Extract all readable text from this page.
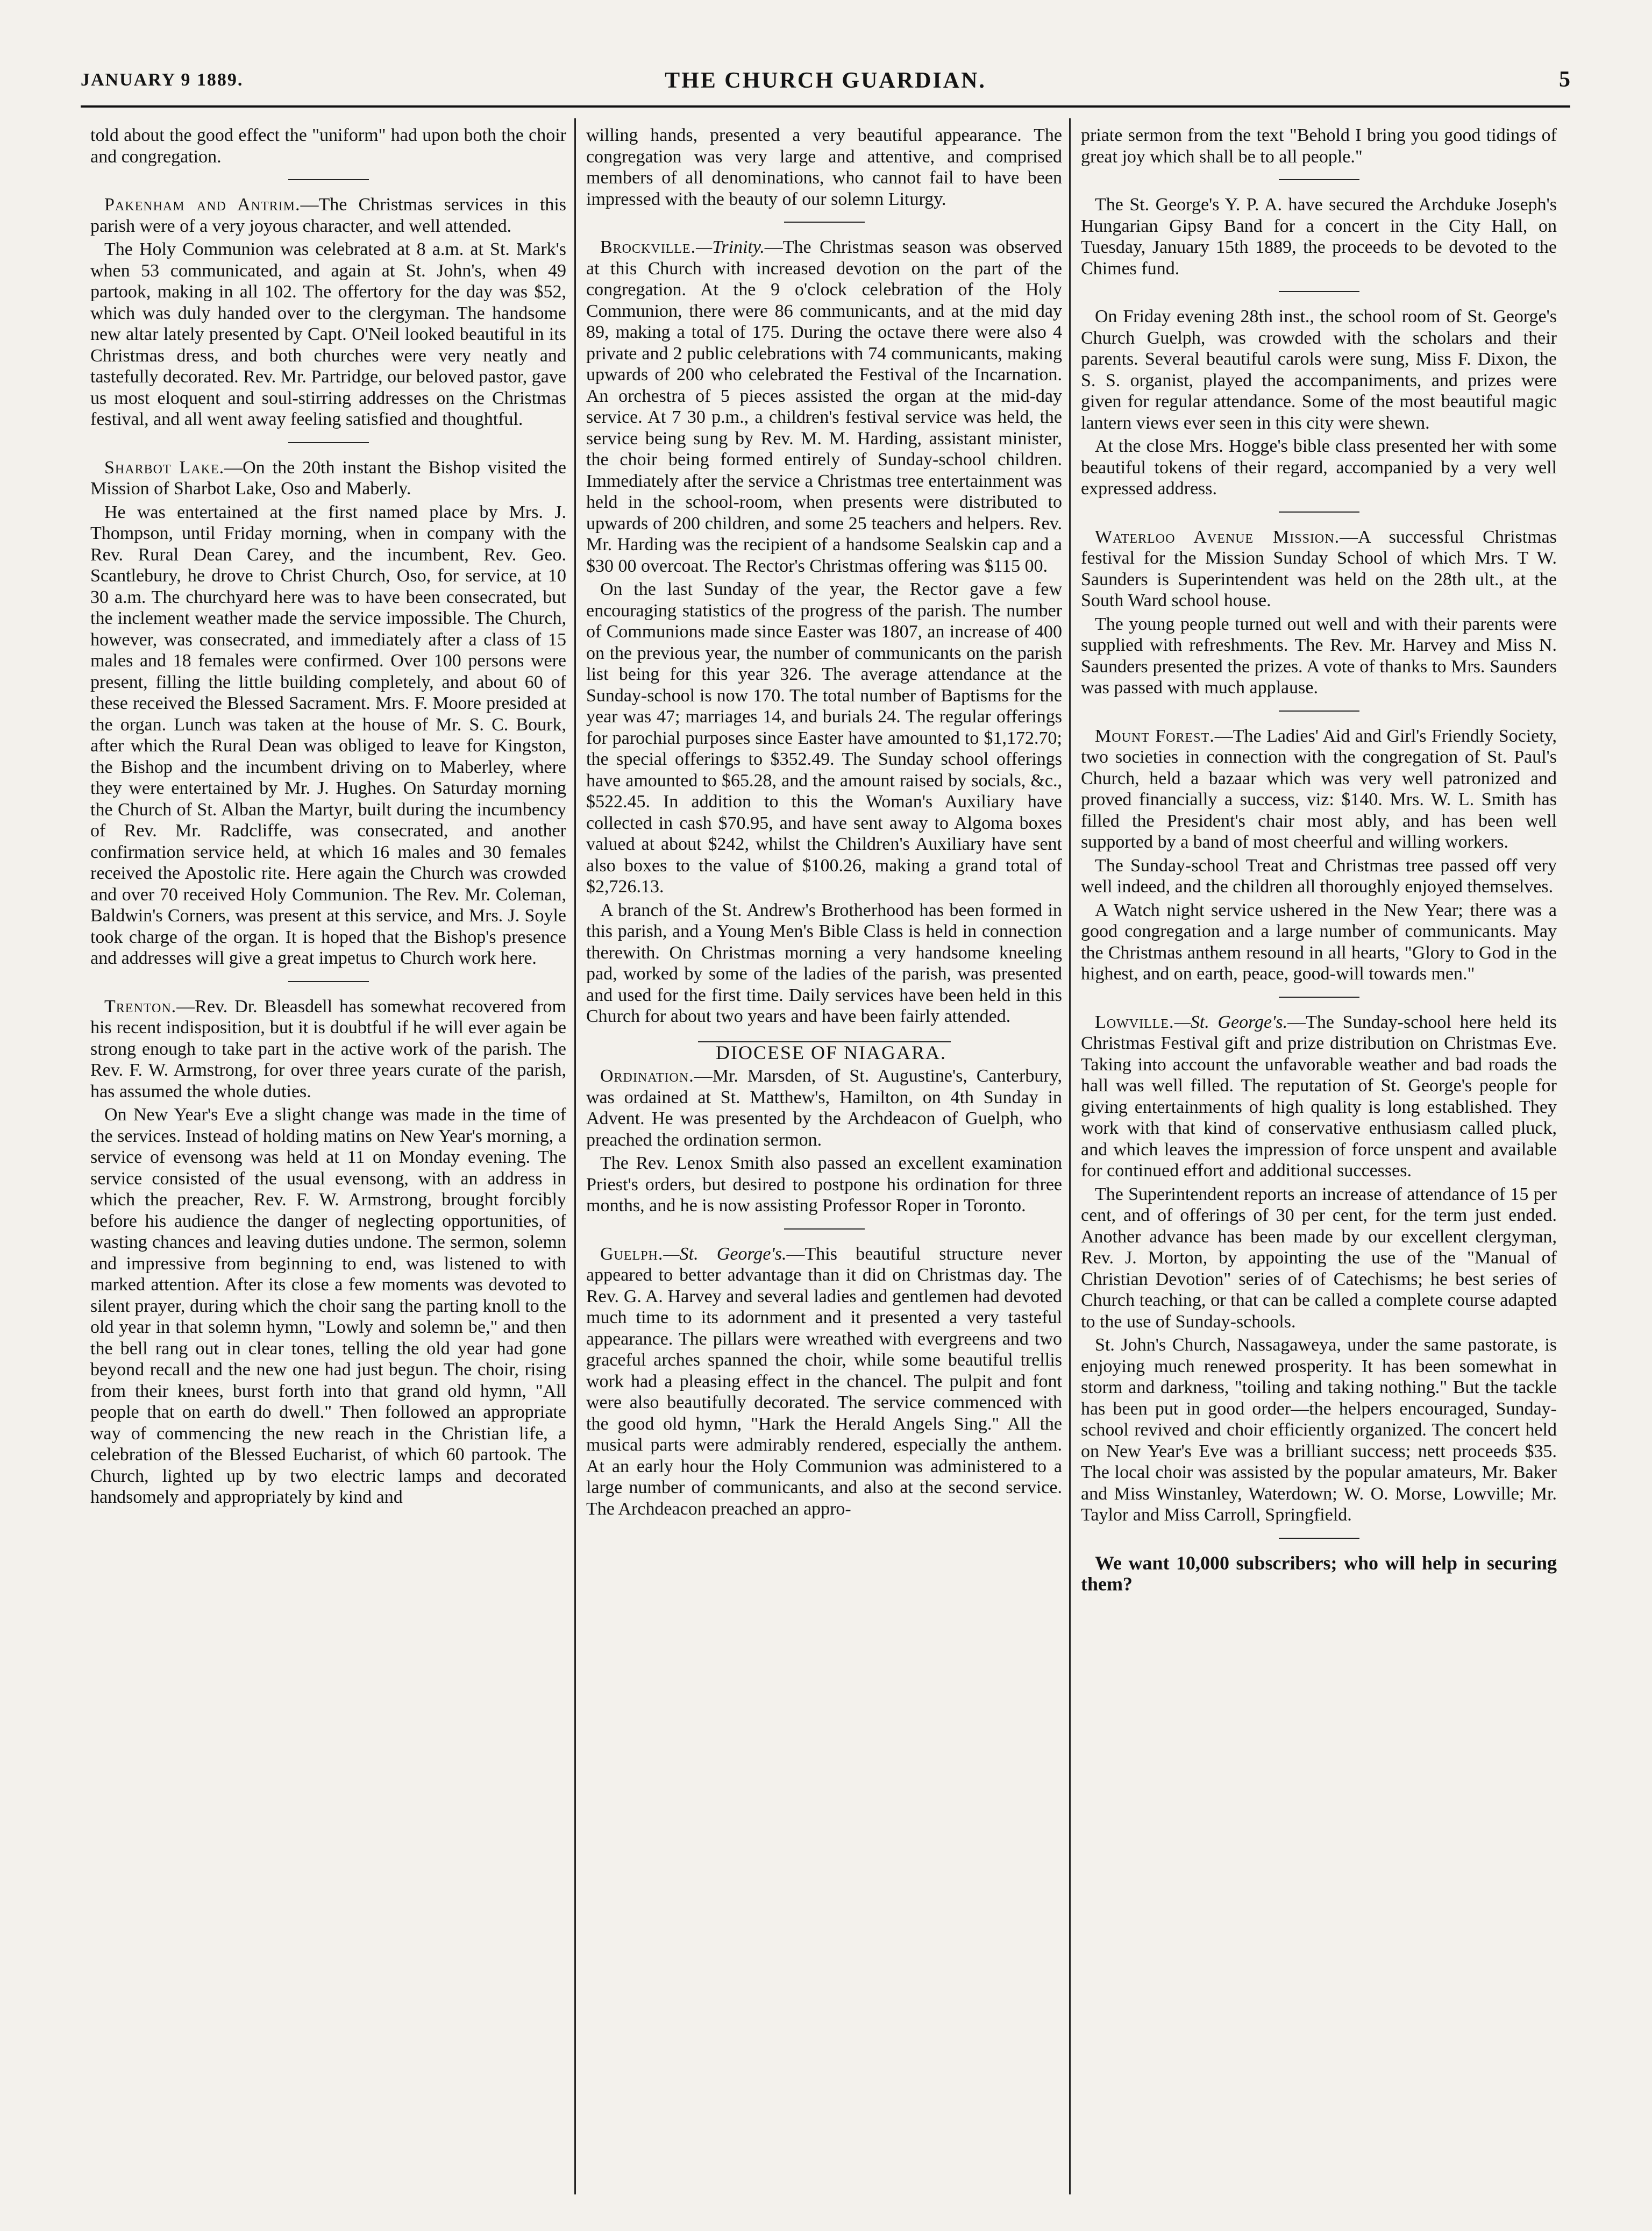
JANUARY 9 1889.	THE CHURCH GUARDIAN.	5

told about the good effect the "uniform" had upon both the choir and congregation.

Pakenham and Antrim.—The Christmas services in this parish were of a very joyous character, and well attended.

The Holy Communion was celebrated at 8 a.m. at St. Mark's when 53 communicated, and again at St. John's, when 49 partook, making in all 102. The offertory for the day was $52, which was duly handed over to the clergyman. The handsome new altar lately presented by Capt. O'Neil looked beautiful in its Christmas dress, and both churches were very neatly and tastefully decorated. Rev. Mr. Partridge, our beloved pastor, gave us most eloquent and soul-stirring addresses on the Christmas festival, and all went away feeling satisfied and thoughtful.

Sharbot Lake.—On the 20th instant the Bishop visited the Mission of Sharbot Lake, Oso and Maberly.

He was entertained at the first named place by Mrs. J. Thompson, until Friday morning, when in company with the Rev. Rural Dean Carey, and the incumbent, Rev. Geo. Scantlebury, he drove to Christ Church, Oso, for service, at 10 30 a.m. The churchyard here was to have been consecrated, but the inclement weather made the service impossible. The Church, however, was consecrated, and immediately after a class of 15 males and 18 females were confirmed. Over 100 persons were present, filling the little building completely, and about 60 of these received the Blessed Sacrament. Mrs. F. Moore presided at the organ. Lunch was taken at the house of Mr. S. C. Bourk, after which the Rural Dean was obliged to leave for Kingston, the Bishop and the incumbent driving on to Maberley, where they were entertained by Mr. J. Hughes. On Saturday morning the Church of St. Alban the Martyr, built during the incumbency of Rev. Mr. Radcliffe, was consecrated, and another confirmation service held, at which 16 males and 30 females received the Apostolic rite. Here again the Church was crowded and over 70 received Holy Communion. The Rev. Mr. Coleman, Baldwin's Corners, was present at this service, and Mrs. J. Soyle took charge of the organ. It is hoped that the Bishop's presence and addresses will give a great impetus to Church work here.

Trenton.—Rev. Dr. Bleasdell has somewhat recovered from his recent indisposition, but it is doubtful if he will ever again be strong enough to take part in the active work of the parish. The Rev. F. W. Armstrong, for over three years curate of the parish, has assumed the whole duties.

On New Year's Eve a slight change was made in the time of the services. Instead of holding matins on New Year's morning, a service of evensong was held at 11 on Monday evening. The service consisted of the usual evensong, with an address in which the preacher, Rev. F. W. Armstrong, brought forcibly before his audience the danger of neglecting opportunities, of wasting chances and leaving duties undone. The sermon, solemn and impressive from beginning to end, was listened to with marked attention. After its close a few moments was devoted to silent prayer, during which the choir sang the parting knoll to the old year in that solemn hymn, "Lowly and solemn be," and then the bell rang out in clear tones, telling the old year had gone beyond recall and the new one had just begun. The choir, rising from their knees, burst forth into that grand old hymn, "All people that on earth do dwell." Then followed an appropriate way of commencing the new reach in the Christian life, a celebration of the Blessed Eucharist, of which 60 partook. The Church, lighted up by two electric lamps and decorated handsomely and appropriately by kind and

willing hands, presented a very beautiful appearance. The congregation was very large and attentive, and comprised members of all denominations, who cannot fail to have been impressed with the beauty of our solemn Liturgy.

Brockville.—Trinity.—The Christmas season was observed at this Church with increased devotion on the part of the congregation. At the 9 o'clock celebration of the Holy Communion, there were 86 communicants, and at the mid day 89, making a total of 175. During the octave there were also 4 private and 2 public celebrations with 74 communicants, making upwards of 200 who celebrated the Festival of the Incarnation. An orchestra of 5 pieces assisted the organ at the mid-day service. At 7 30 p.m., a children's festival service was held, the service being sung by Rev. M. M. Harding, assistant minister, the choir being formed entirely of Sunday-school children. Immediately after the service a Christmas tree entertainment was held in the school-room, when presents were distributed to upwards of 200 children, and some 25 teachers and helpers. Rev. Mr. Harding was the recipient of a handsome Sealskin cap and a $30 00 overcoat. The Rector's Christmas offering was $115 00.

On the last Sunday of the year, the Rector gave a few encouraging statistics of the progress of the parish. The number of Communions made since Easter was 1807, an increase of 400 on the previous year, the number of communicants on the parish list being for this year 326. The average attendance at the Sunday-school is now 170. The total number of Baptisms for the year was 47; marriages 14, and burials 24. The regular offerings for parochial purposes since Easter have amounted to $1,172.70; the special offerings to $352.49. The Sunday school offerings have amounted to $65.28, and the amount raised by socials, &c., $522.45. In addition to this the Woman's Auxiliary have collected in cash $70.95, and have sent away to Algoma boxes valued at about $242, whilst the Children's Auxiliary have sent also boxes to the value of $100.26, making a grand total of $2,726.13.

A branch of the St. Andrew's Brotherhood has been formed in this parish, and a Young Men's Bible Class is held in connection therewith. On Christmas morning a very handsome kneeling pad, worked by some of the ladies of the parish, was presented and used for the first time. Daily services have been held in this Church for about two years and have been fairly attended.

DIOCESE OF NIAGARA.

Ordination.—Mr. Marsden, of St. Augustine's, Canterbury, was ordained at St. Matthew's, Hamilton, on 4th Sunday in Advent. He was presented by the Archdeacon of Guelph, who preached the ordination sermon.

The Rev. Lenox Smith also passed an excellent examination Priest's orders, but desired to postpone his ordination for three months, and he is now assisting Professor Roper in Toronto.

Guelph.—St. George's.—This beautiful structure never appeared to better advantage than it did on Christmas day. The Rev. G. A. Harvey and several ladies and gentlemen had devoted much time to its adornment and it presented a very tasteful appearance. The pillars were wreathed with evergreens and two graceful arches spanned the choir, while some beautiful trellis work had a pleasing effect in the chancel. The pulpit and font were also beautifully decorated. The service commenced with the good old hymn, "Hark the Herald Angels Sing." All the musical parts were admirably rendered, especially the anthem. At an early hour the Holy Communion was administered to a large number of communicants, and also at the second service. The Archdeacon preached an appro-

priate sermon from the text "Behold I bring you good tidings of great joy which shall be to all people."

The St. George's Y. P. A. have secured the Archduke Joseph's Hungarian Gipsy Band for a concert in the City Hall, on Tuesday, January 15th 1889, the proceeds to be devoted to the Chimes fund.

On Friday evening 28th inst., the school room of St. George's Church Guelph, was crowded with the scholars and their parents. Several beautiful carols were sung, Miss F. Dixon, the S. S. organist, played the accompaniments, and prizes were given for regular attendance. Some of the most beautiful magic lantern views ever seen in this city were shewn.

At the close Mrs. Hogge's bible class presented her with some beautiful tokens of their regard, accompanied by a very well expressed address.

Waterloo Avenue Mission.—A successful Christmas festival for the Mission Sunday School of which Mrs. T W. Saunders is Superintendent was held on the 28th ult., at the South Ward school house.

The young people turned out well and with their parents were supplied with refreshments. The Rev. Mr. Harvey and Miss N. Saunders presented the prizes. A vote of thanks to Mrs. Saunders was passed with much applause.

Mount Forest.—The Ladies' Aid and Girl's Friendly Society, two societies in connection with the congregation of St. Paul's Church, held a bazaar which was very well patronized and proved financially a success, viz: $140. Mrs. W. L. Smith has filled the President's chair most ably, and has been well supported by a band of most cheerful and willing workers.

The Sunday-school Treat and Christmas tree passed off very well indeed, and the children all thoroughly enjoyed themselves.

A Watch night service ushered in the New Year; there was a good congregation and a large number of communicants. May the Christmas anthem resound in all hearts, "Glory to God in the highest, and on earth, peace, good-will towards men."

Lowville.—St. George's.—The Sunday-school here held its Christmas Festival gift and prize distribution on Christmas Eve. Taking into account the unfavorable weather and bad roads the hall was well filled. The reputation of St. George's people for giving entertainments of high quality is long established. They work with that kind of conservative enthusiasm called pluck, and which leaves the impression of force unspent and available for continued effort and additional successes.

The Superintendent reports an increase of attendance of 15 per cent, and of offerings of 30 per cent, for the term just ended. Another advance has been made by our excellent clergyman, Rev. J. Morton, by appointing the use of the "Manual of Christian Devotion" series of of Catechisms; he best series of Church teaching, or that can be called a complete course adapted to the use of Sunday-schools.

St. John's Church, Nassagaweya, under the same pastorate, is enjoying much renewed prosperity. It has been somewhat in storm and darkness, "toiling and taking nothing." But the tackle has been put in good order—the helpers encouraged, Sunday-school revived and choir efficiently organized. The concert held on New Year's Eve was a brilliant success; nett proceeds $35. The local choir was assisted by the popular amateurs, Mr. Baker and Miss Winstanley, Waterdown; W. O. Morse, Lowville; Mr. Taylor and Miss Carroll, Springfield.

We want 10,000 subscribers; who will help in securing them?
